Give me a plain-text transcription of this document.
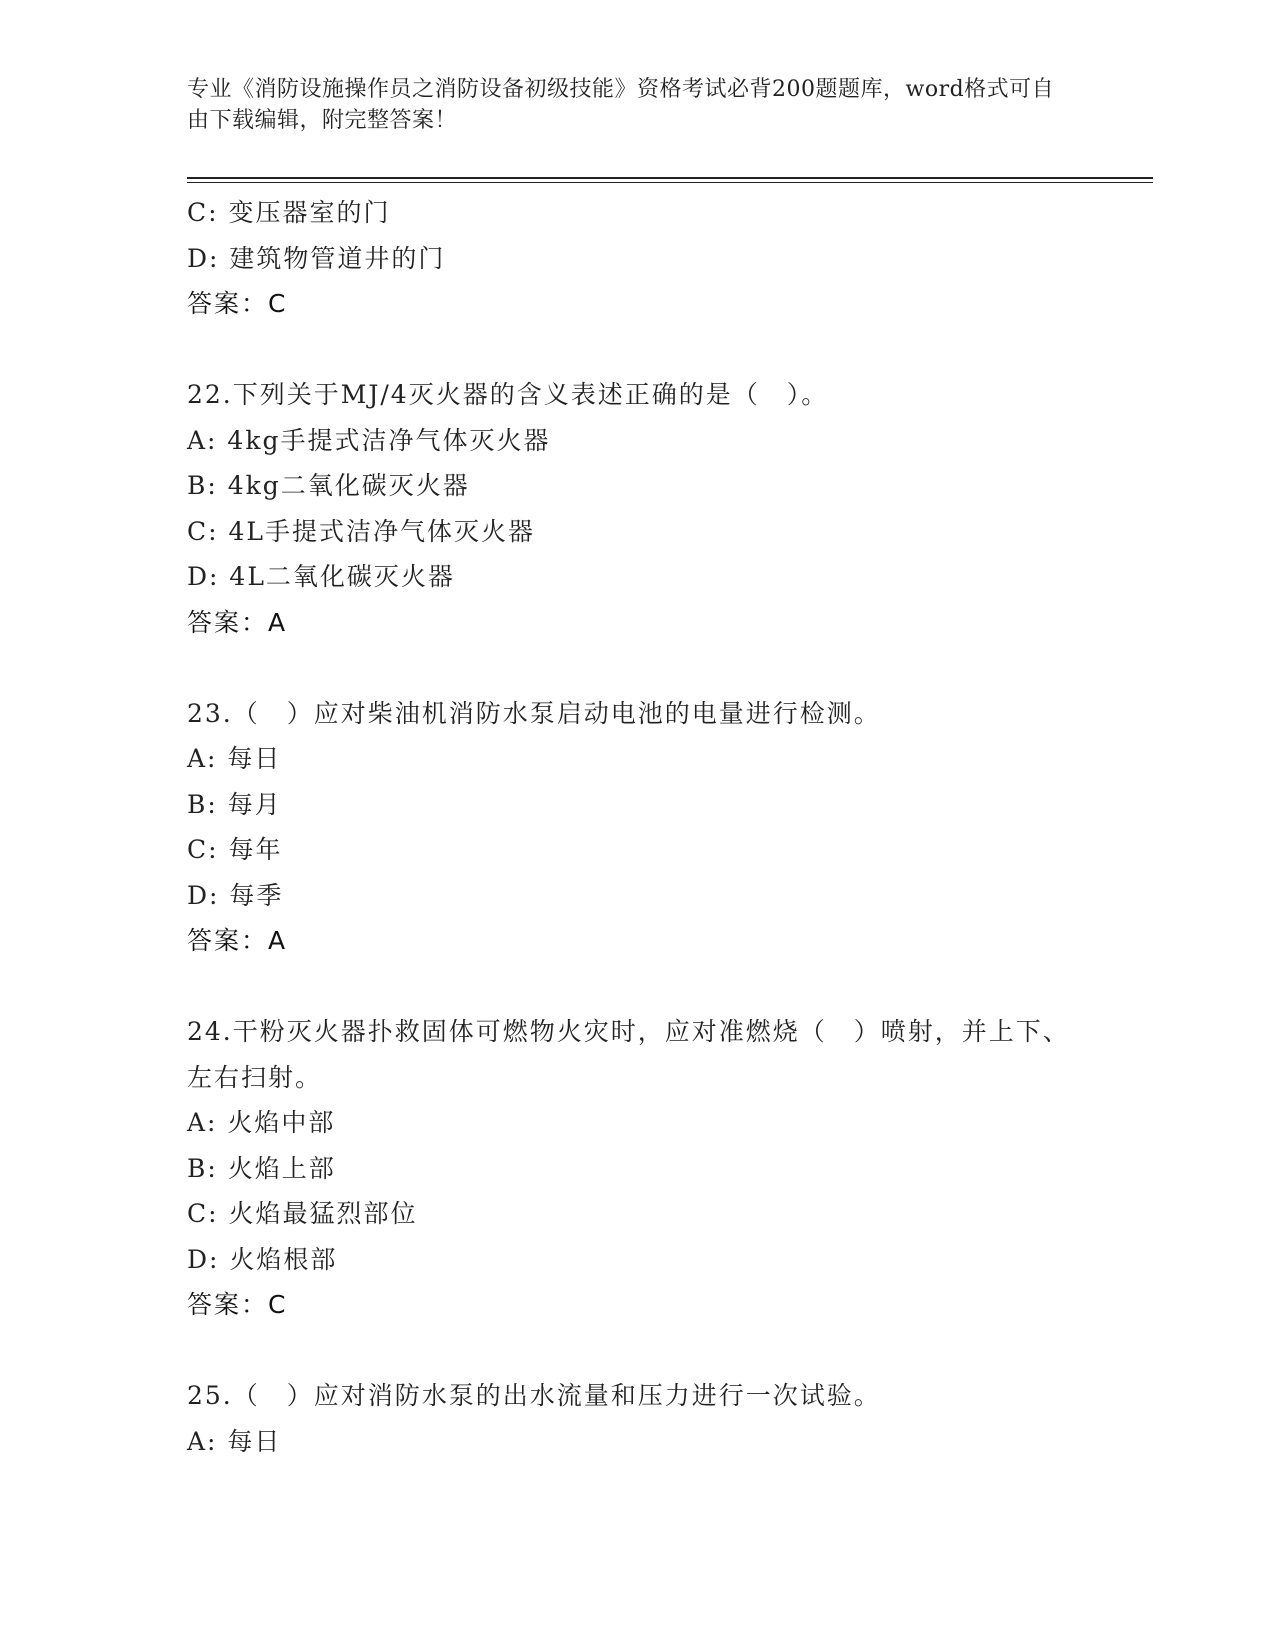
专业《消防设施操作员之消防设备初级技能》资格考试必背200题题库，word格式可自由下载编辑，附完整答案！
C: 变压器室的门
D: 建筑物管道井的门
答案：C
22.下列关于MJ/4灭火器的含义表述正确的是（　）。
A: 4kg手提式洁净气体灭火器
B: 4kg二氧化碳灭火器
C: 4L手提式洁净气体灭火器
D: 4L二氧化碳灭火器
答案：A
23.（　）应对柴油机消防水泵启动电池的电量进行检测。
A: 每日
B: 每月
C: 每年
D: 每季
答案：A
24.干粉灭火器扑救固体可燃物火灾时，应对准燃烧（　）喷射，并上下、左右扫射。
A: 火焰中部
B: 火焰上部
C: 火焰最猛烈部位
D: 火焰根部
答案：C
25.（　）应对消防水泵的出水流量和压力进行一次试验。
A: 每日
